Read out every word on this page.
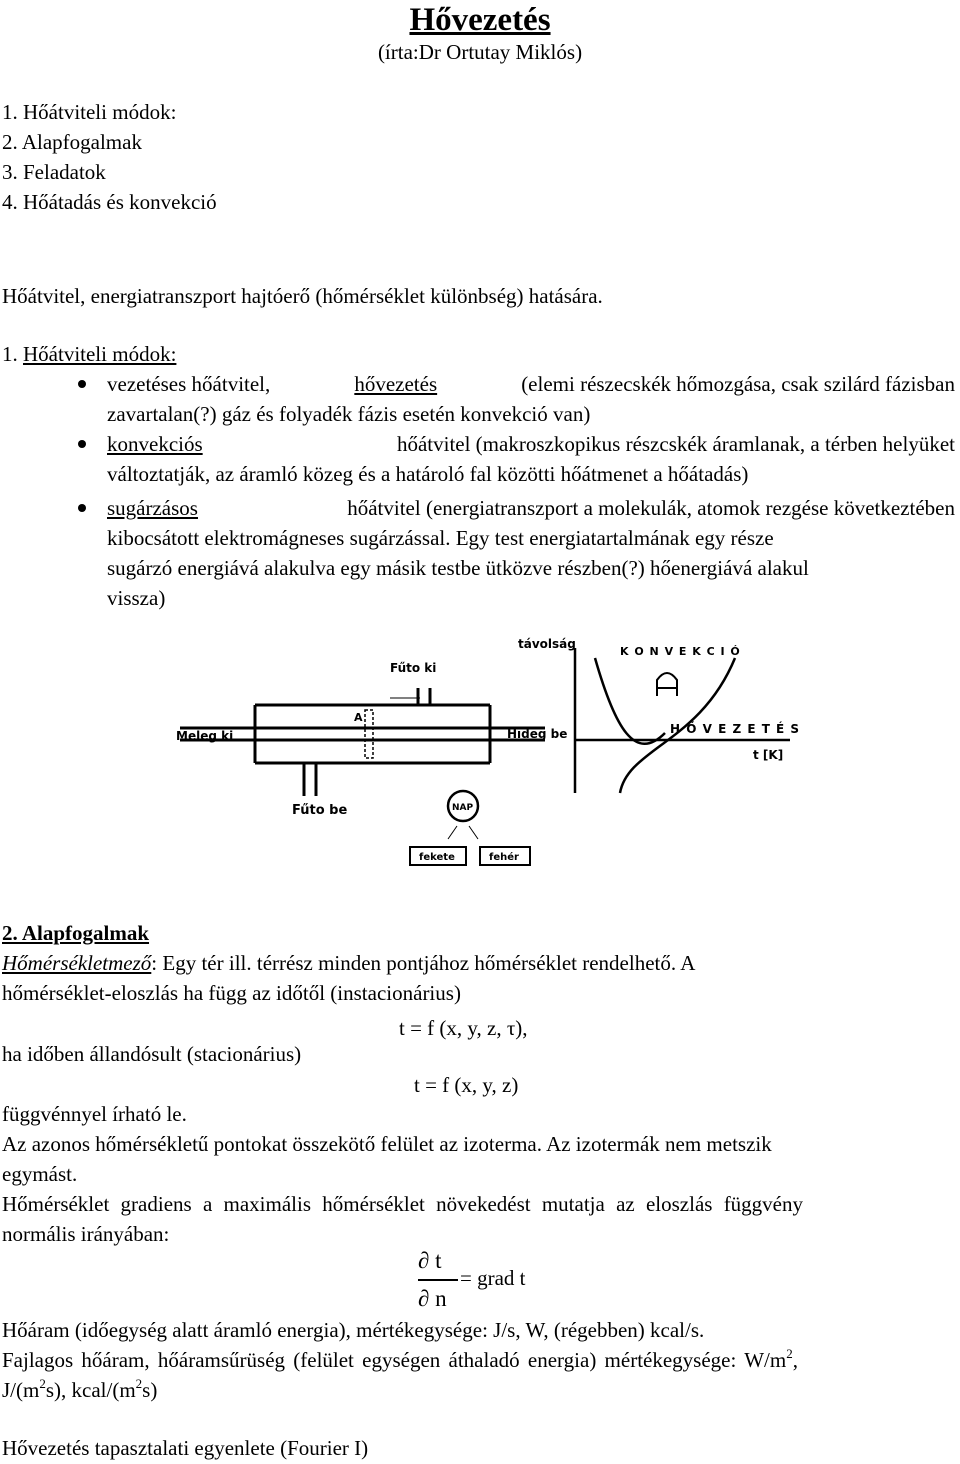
Hővezetés
(írta:Dr Ortutay Miklós)
1. Hőátviteli módok:
2. Alapfogalmak
3. Feladatok
4. Hőátadás és konvekció
Hőátvitel, energiatranszport hajtóerő (hőmérséklet különbség) hatására.
1. Hőátviteli módok:
vezetéses hőátvitel,	hővezetés	(elemi részecskék hőmozgása, csak szilárd fázisban
zavartalan(?) gáz és folyadék fázis esetén konvekció van)
konvekciós	hőátvitel (makroszkopikus részcskék áramlanak, a térben helyüket
változtatják, az áramló közeg és a határoló fal közötti hőátmenet a hőátadás)
sugárzásos	hőátvitel (energiatranszport a molekulák, atomok rezgése következtében
kibocsátott elektromágneses sugárzással. Egy test energiatartalmának egy része
sugárzó energiává alakulva egy másik testbe ütközve részben(?) hőenergiává alakul
vissza)
Fűto ki
Meleg ki	Hıdeg be
Fűto be
A
távolság
K O N V E K C I Ó
H Ő V E Z E T É S
t [K]
NAP
fekete	fehér
2. Alapfogalmak
Hőmérsékletmező: Egy tér ill. térrész minden pontjához hőmérséklet rendelhető. A
hőmérséklet-eloszlás ha függ az időtől (instacionárius)
t = f (x, y, z, τ),
ha időben állandósult (stacionárius)
t = f (x, y, z)
függvénnyel írható le.
Az azonos hőmérsékletű pontokat összekötő felület az izoterma. Az izotermák nem metszik
egymást.
Hőmérséklet gradiens a maximális hőmérséklet növekedést mutatja az eloszlás függvény
normális irányában:
∂ t
∂ n
= grad t
Hőáram (időegység alatt áramló energia), mértékegysége: J/s, W, (régebben) kcal/s.
Fajlagos hőáram, hőáramsűrüség (felület egységen áthaladó energia) mértékegysége: $W/m^2$,
$J/(m^2s)$, kcal/$(m^2s)$
Hővezetés tapasztalati egyenlete (Fourier I)
